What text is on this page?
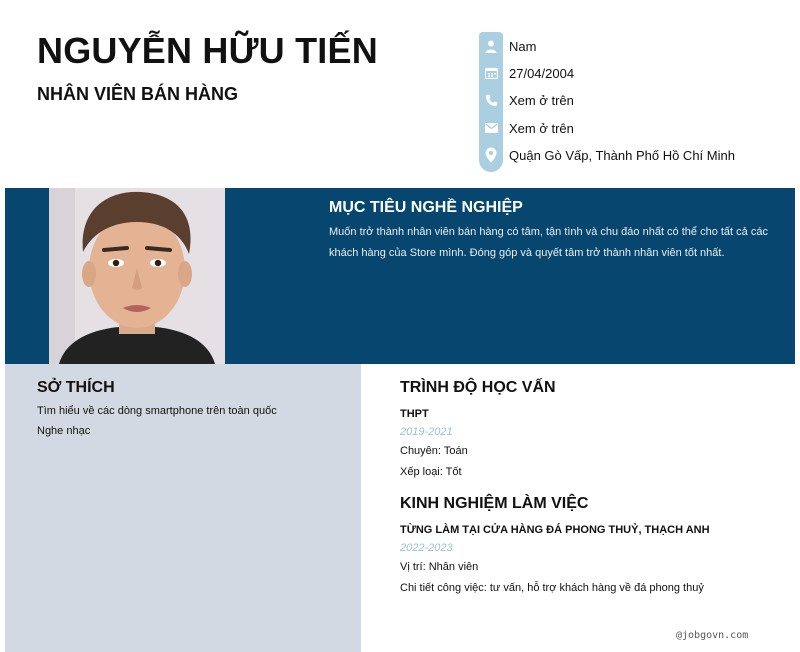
NGUYỄN HỮU TIẾN
NHÂN VIÊN BÁN HÀNG
Nam
27/04/2004
Xem ở trên
Xem ở trên
Quận Gò Vấp, Thành Phố Hồ Chí Minh
MỤC TIÊU NGHỀ NGHIỆP
Muốn trở thành nhân viên bán hàng có tâm, tận tình và chu đáo nhất có thể cho tất cả các khách hàng của Store mình. Đóng góp và quyết tâm trở thành nhân viên tốt nhất.
SỞ THÍCH
Tìm hiểu về các dòng smartphone trên toàn quốc
Nghe nhạc
TRÌNH ĐỘ HỌC VẤN
THPT
2019-2021
Chuyên: Toán
Xếp loại: Tốt
KINH NGHIỆM LÀM VIỆC
TỪNG LÀM TẠI CỬA HÀNG ĐÁ PHONG THUỶ, THẠCH ANH
2022-2023
Vị trí: Nhân viên
Chi tiết công việc: tư vấn, hỗ trợ khách hàng về đá phong thuỷ
@jobgovn.com
